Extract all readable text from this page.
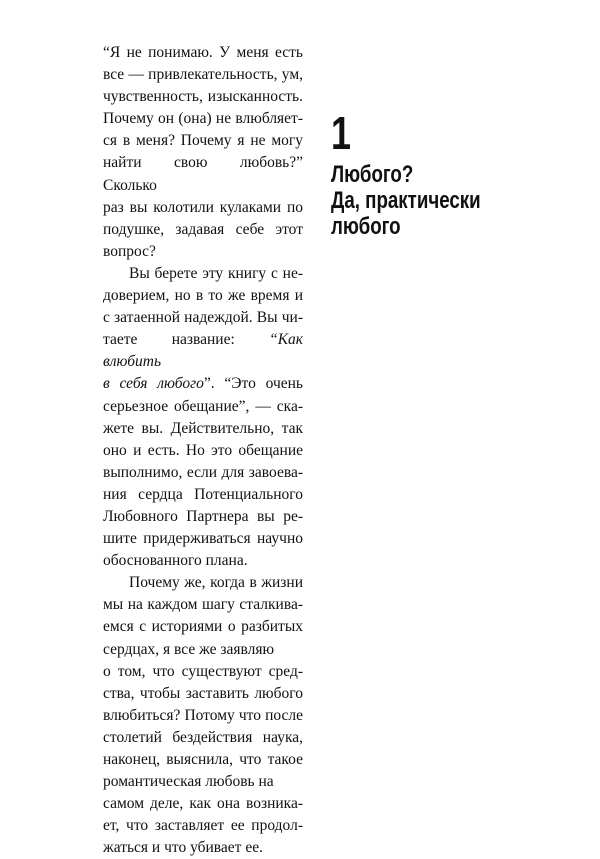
“Я не понимаю. У меня есть
все — привлекательность, ум,
чувственность, изысканность.
Почему он (она) не влюбляет-
ся в меня? Почему я не могу
найти свою любовь?” Сколько
раз вы колотили кулаками по
подушке, задавая себе этот
вопрос?
Вы берете эту книгу с не-
доверием, но в то же время и
с затаенной надеждой. Вы чи-
таете название: “Как влюбить
в себя любого”. “Это очень
серьезное обещание”, — ска-
жете вы. Действительно, так
оно и есть. Но это обещание
выполнимо, если для завоева-
ния сердца Потенциального
Любовного Партнера вы ре-
шите придерживаться научно
обоснованного плана.
Почему же, когда в жизни
мы на каждом шагу сталкива-
емся с историями о разбитых
сердцах, я все же заявляю
о том, что существуют сред-
ства, чтобы заставить любого
влюбиться? Потому что после
столетий бездействия наука,
наконец, выяснила, что такое
романтическая любовь на
самом деле, как она возника-
ет, что заставляет ее продол-
жаться и что убивает ее.
1
Любого?
Да, практически
любого
